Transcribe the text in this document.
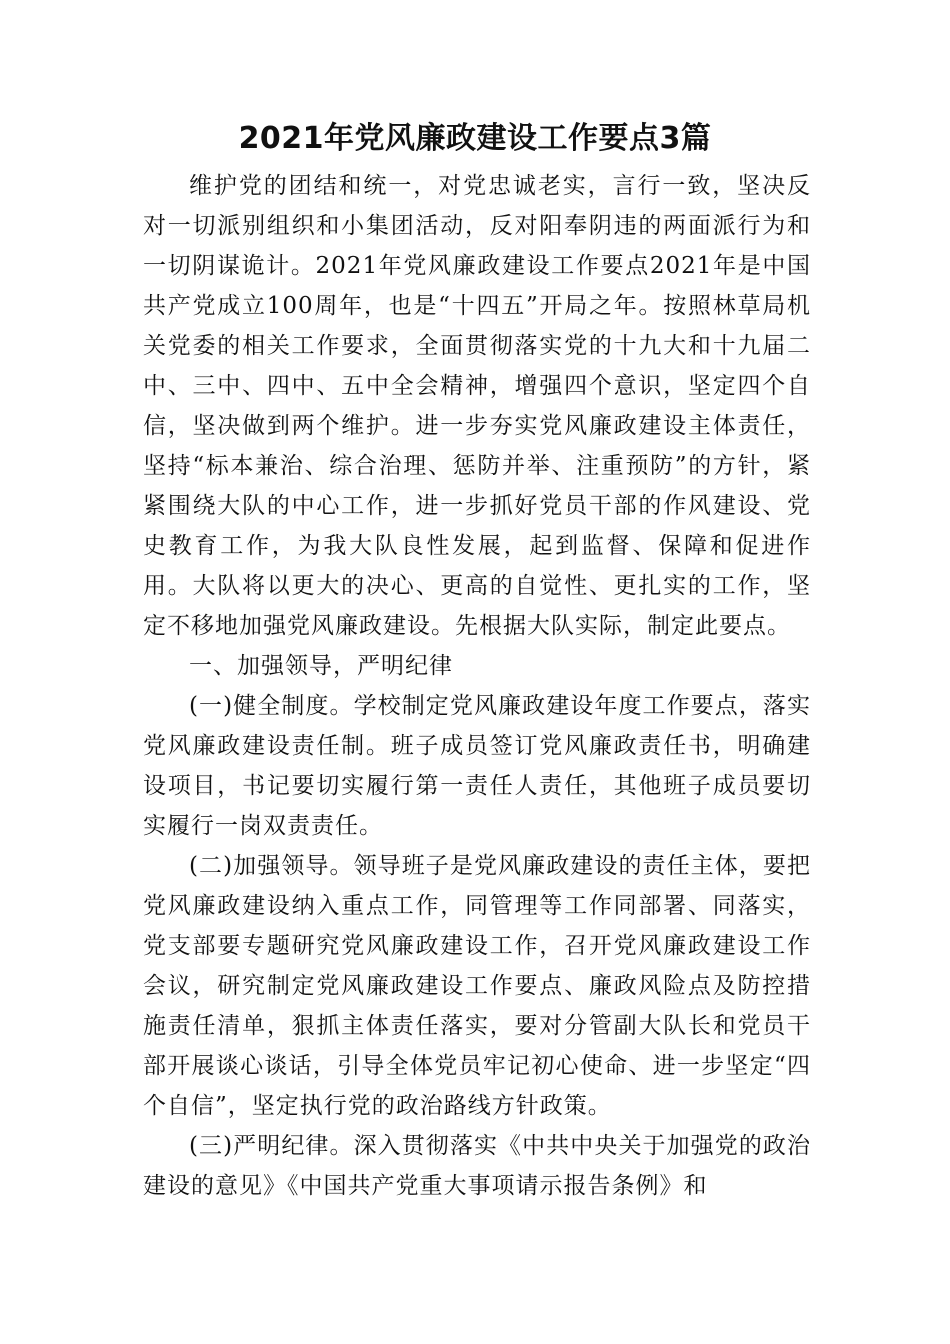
2021年党风廉政建设工作要点3篇

维护党的团结和统一，对党忠诚老实，言行一致，坚决反对一切派别组织和小集团活动，反对阳奉阴违的两面派行为和一切阴谋诡计。2021年党风廉政建设工作要点2021年是中国共产党成立100周年，也是“十四五”开局之年。按照林草局机关党委的相关工作要求，全面贯彻落实党的十九大和十九届二中、三中、四中、五中全会精神，增强四个意识，坚定四个自信，坚决做到两个维护。进一步夯实党风廉政建设主体责任，坚持“标本兼治、综合治理、惩防并举、注重预防”的方针，紧紧围绕大队的中心工作，进一步抓好党员干部的作风建设、党史教育工作，为我大队良性发展，起到监督、保障和促进作用。大队将以更大的决心、更高的自觉性、更扎实的工作，坚定不移地加强党风廉政建设。先根据大队实际，制定此要点。

一、加强领导，严明纪律

(一)健全制度。学校制定党风廉政建设年度工作要点，落实党风廉政建设责任制。班子成员签订党风廉政责任书，明确建设项目，书记要切实履行第一责任人责任，其他班子成员要切实履行一岗双责责任。

(二)加强领导。领导班子是党风廉政建设的责任主体，要把党风廉政建设纳入重点工作，同管理等工作同部署、同落实，党支部要专题研究党风廉政建设工作，召开党风廉政建设工作会议，研究制定党风廉政建设工作要点、廉政风险点及防控措施责任清单，狠抓主体责任落实，要对分管副大队长和党员干部开展谈心谈话，引导全体党员牢记初心使命、进一步坚定“四个自信”，坚定执行党的政治路线方针政策。

(三)严明纪律。深入贯彻落实《中共中央关于加强党的政治建设的意见》《中国共产党重大事项请示报告条例》和
